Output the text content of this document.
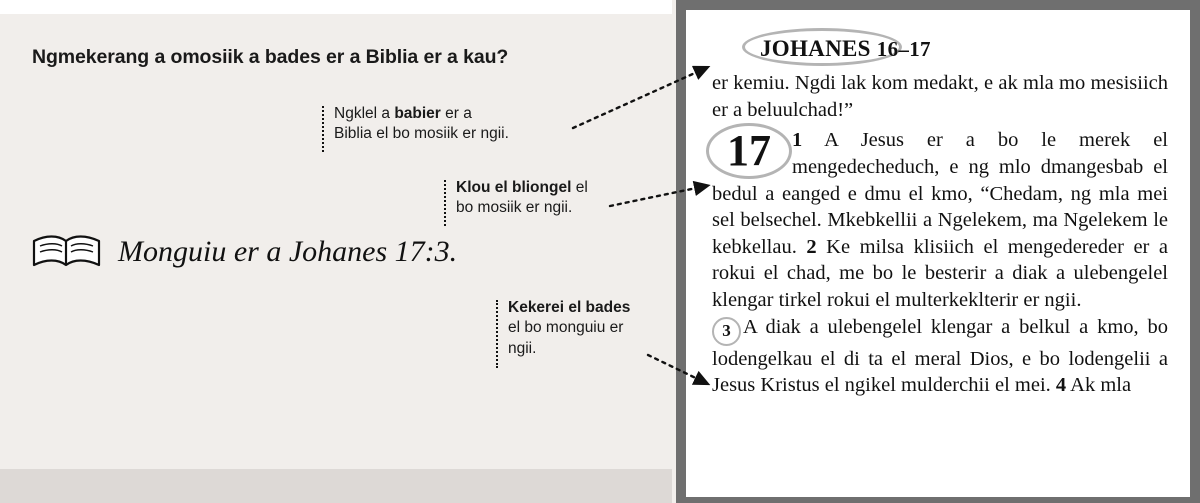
Ngmekerang a omosiik a bades er a Biblia er a kau?
Ngklel a babier er a
Biblia el bo mosiik er ngii.
Klou el bliongel el
bo mosiik er ngii.
Kekerei el bades
el bo monguiu er
ngii.
Monguiu er a Johanes 17:3.
JOHANES 16–17

er kemiu. Ngdi lak kom medakt, e ak mla mo mesisiich er a beluulchad!”

17	1 A Jesus er a bo le merek el mengedecheduch, e ng mlo dmangesbab el bedul a eanged e dmu el kmo, “Chedam, ng mla mei sel belsechel. Mkebkellii a Ngelekem, ma Ngelekem le kebkellau. 2 Ke milsa klisiich el mengedereder er a rokui el chad, me bo le besterir a diak a ulebengelel klengar tirkel rokui el multerkeklterir er ngii.

3 A diak a ulebengelel klengar a belkul a kmo, bo lodengelkau el di ta el meral Dios, e bo lodengelii a Jesus Kristus el ngikel mulderchii el mei. 4 Ak mla
